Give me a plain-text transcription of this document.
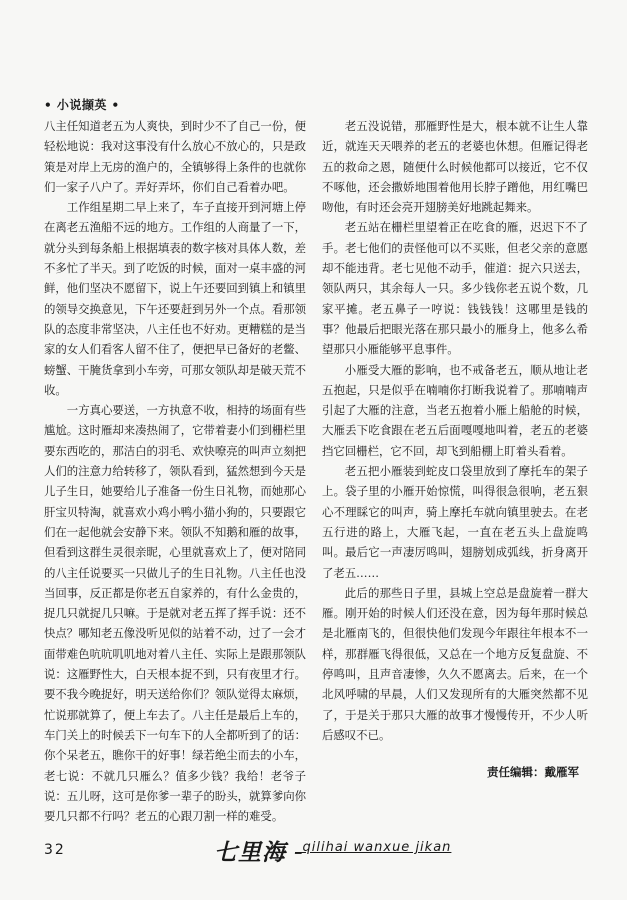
• 小说撷英 •

八主任知道老五为人爽快，到时少不了自己一份，便轻松地说：我对这事没有什么放心不放心的，只是政策是对岸上无房的渔户的，全镇够得上条件的也就你们一家子八户了。弄好弄坏，你们自己看着办吧。

工作组星期二早上来了，车子直接开到河塘上停在离老五渔船不远的地方。工作组的人商量了一下，就分头到每条船上根据填表的数字核对具体人数，差不多忙了半天。到了吃饭的时候，面对一桌丰盛的河鲜，他们坚决不愿留下，说上午还要回到镇上和镇里的领导交换意见，下午还要赶到另外一个点。看那领队的态度非常坚决，八主任也不好劝。更糟糕的是当家的女人们看客人留不住了，便把早已备好的老鳖、螃蟹、干腌货拿到小车旁，可那女领队却是破天荒不收。

一方真心要送，一方执意不收，相持的场面有些尴尬。这时雁却来凑热闹了，它带着妻小们到栅栏里要东西吃的，那洁白的羽毛、欢快嘹亮的叫声立刻把人们的注意力给转移了，领队看到，猛然想到今天是儿子生日，她要给儿子准备一份生日礼物，而她那心肝宝贝特淘，就喜欢小鸡小鸭小猫小狗的，只要跟它们在一起他就会安静下来。领队不知鹅和雁的故事，但看到这群生灵很亲昵，心里就喜欢上了，便对陪同的八主任说要买一只做儿子的生日礼物。八主任也没当回事，反正都是你老五自家养的，有什么金贵的，捉几只就捉几只嘛。于是就对老五挥了挥手说：还不快点？哪知老五像没听见似的站着不动，过了一会才面带难色吭吭叽叽地对着八主任、实际上是跟那领队说：这雁野性大，白天根本捉不到，只有夜里才行。要不我今晚捉好，明天送给你们？领队觉得太麻烦，忙说那就算了，便上车去了。八主任是最后上车的，车门关上的时候丢下一句车下的人全都听到了的话：你个呆老五，瞧你干的好事！绿若绝尘而去的小车，老七说：不就几只雁么？值多少钱？我给！老爷子说：五儿呀，这可是你爹一辈子的盼头，就算爹向你要几只都不行吗？老五的心跟刀割一样的难受。

老五没说错，那雁野性是大，根本就不让生人靠近，就连天天喂养的老五的老婆也休想。但雁记得老五的救命之恩，随便什么时候他都可以接近，它不仅不啄他，还会撒娇地围着他用长脖子蹭他，用红嘴巴吻他，有时还会亮开翅膀美好地跳起舞来。

老五站在栅栏里望着正在吃食的雁，迟迟下不了手。老七他们的责怪他可以不买账，但老父亲的意愿却不能违背。老七见他不动手，催道：捉六只送去，领队两只，其余每人一只。多少钱你老五说个数，几家平摊。老五鼻子一哼说：钱钱钱！这哪里是钱的事？他最后把眼光落在那只最小的雁身上，他多么希望那只小雁能够平息事件。

小雁受大雁的影响，也不戒备老五，顺从地让老五抱起，只是似乎在喃喃你打断我说着了。那喃喃声引起了大雁的注意，当老五抱着小雁上船舱的时候，大雁丢下吃食跟在老五后面嘎嘎地叫着，老五的老婆挡它回栅栏，它不回，却飞到船棚上盯着头看着。

老五把小雁装到蛇皮口袋里放到了摩托车的架子上。袋子里的小雁开始惊慌，叫得很急很响，老五狠心不理睬它的叫声，骑上摩托车就向镇里驶去。在老五行进的路上，大雁飞起，一直在老五头上盘旋鸣叫。最后它一声凄厉鸣叫，翅膀划成弧线，折身离开了老五……

此后的那些日子里，县城上空总是盘旋着一群大雁。刚开始的时候人们还没在意，因为每年那时候总是北雁南飞的，但很快他们发现今年跟往年根本不一样，那群雁飞得很低，又总在一个地方反复盘旋、不停鸣叫，且声音凄惨，久久不愿离去。后来，在一个北风呼啸的早晨，人们又发现所有的大雁突然都不见了，于是关于那只大雁的故事才慢慢传开，不少人听后感叹不已。

责任编辑：戴雁军
32	七里海 _qilihai wanxue jikan
